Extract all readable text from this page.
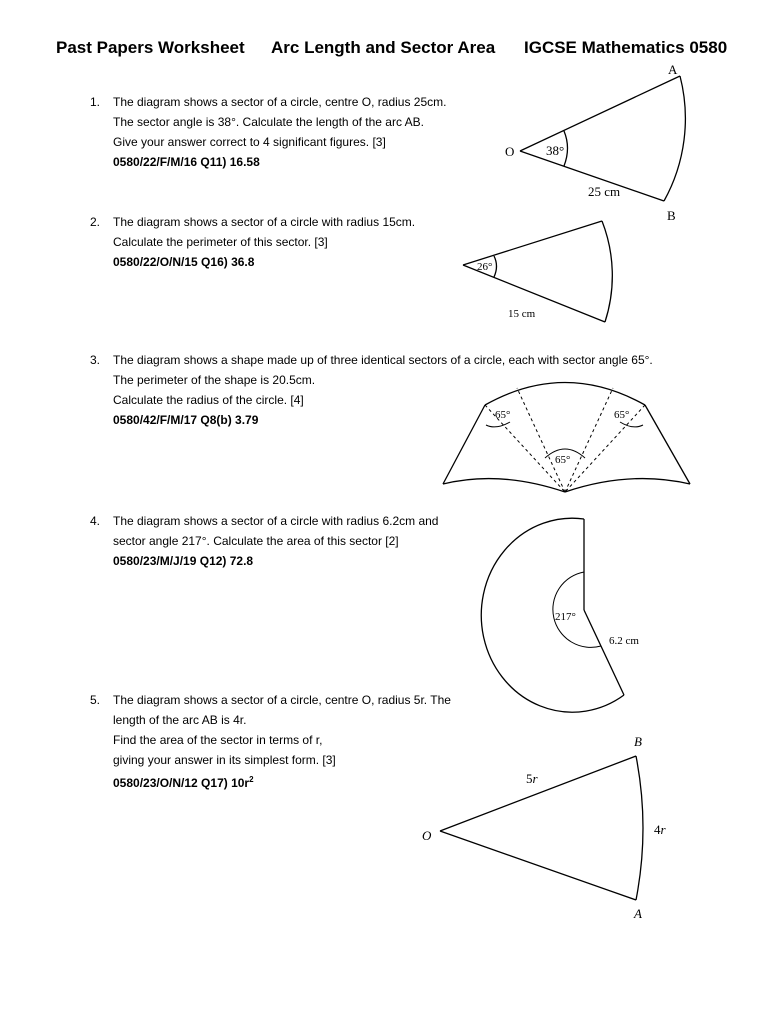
Past Papers Worksheet Arc Length and Sector Area IGCSE Mathematics 0580
1. The diagram shows a sector of a circle, centre O, radius 25cm.
The sector angle is 38°. Calculate the length of the arc AB.
Give your answer correct to 4 significant figures. [3]
0580/22/F/M/16 Q11) 16.58
2. The diagram shows a sector of a circle with radius 15cm.
Calculate the perimeter of this sector. [3]
0580/22/O/N/15 Q16) 36.8
3. The diagram shows a shape made up of three identical sectors of a circle, each with sector angle 65°.
The perimeter of the shape is 20.5cm.
Calculate the radius of the circle. [4]
0580/42/F/M/17 Q8(b) 3.79
4. The diagram shows a sector of a circle with radius 6.2cm and
sector angle 217°. Calculate the area of this sector [2]
0580/23/M/J/19 Q12) 72.8
5. The diagram shows a sector of a circle, centre O, radius 5r. The
length of the arc AB is 4r.
Find the area of the sector in terms of r,
giving your answer in its simplest form. [3]
0580/23/O/N/12 Q17) $10r^2$
A
O 38°
25 cm
B
26°
15 cm
65°	65°
65°
217°
6.2 cm
B
5r
4r
O
A
